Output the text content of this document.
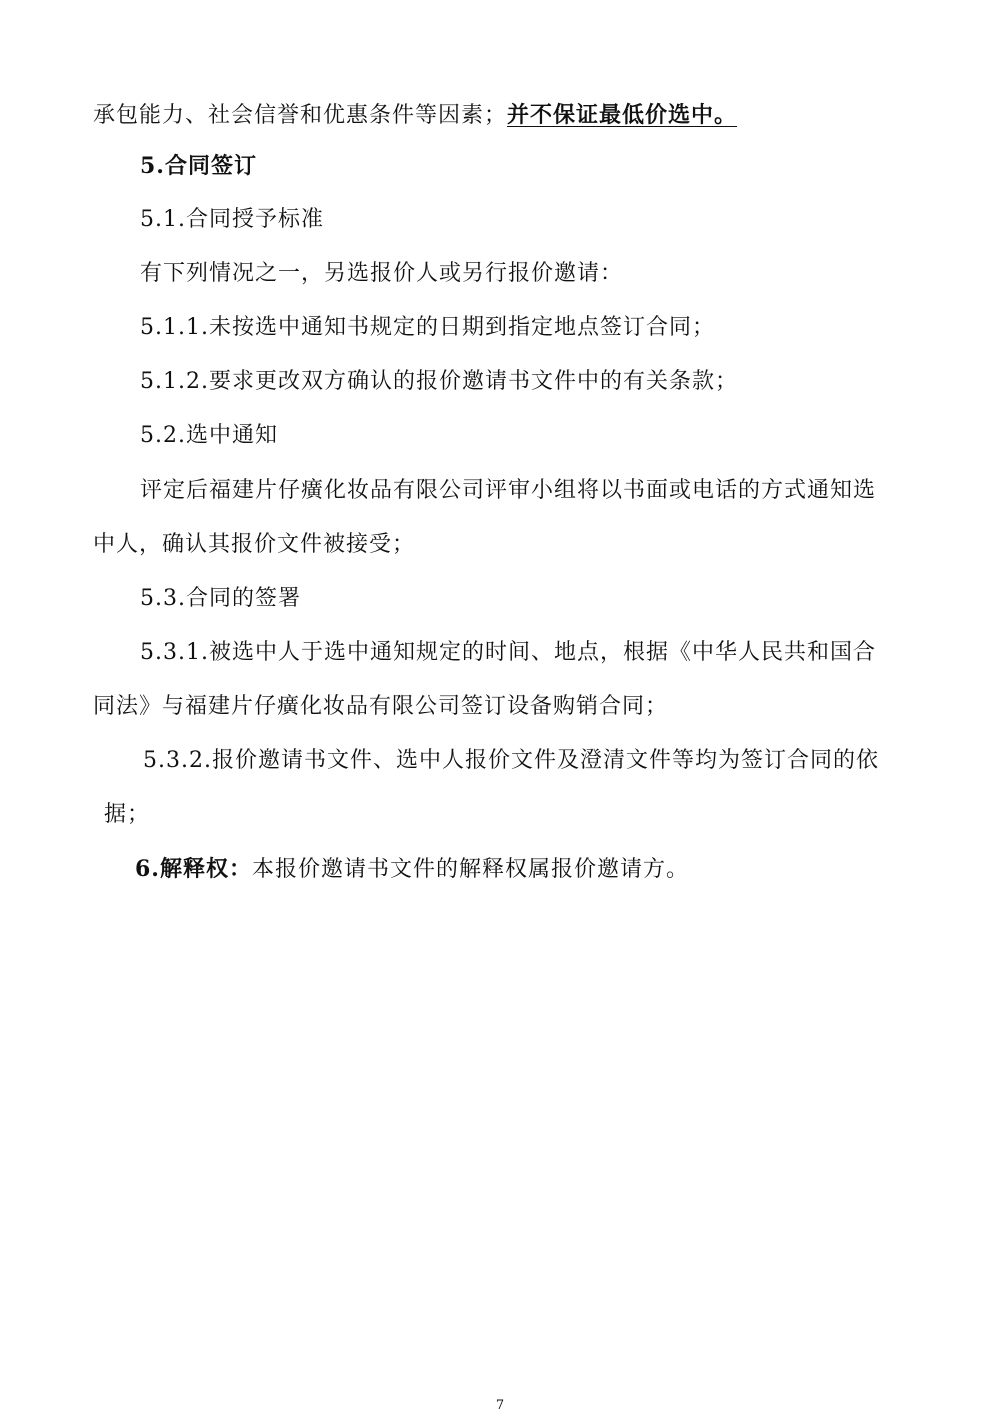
承包能力、社会信誉和优惠条件等因素；并不保证最低价选中。
5.合同签订
5.1.合同授予标准
有下列情况之一，另选报价人或另行报价邀请：
5.1.1.未按选中通知书规定的日期到指定地点签订合同；
5.1.2.要求更改双方确认的报价邀请书文件中的有关条款；
5.2.选中通知
评定后福建片仔癀化妆品有限公司评审小组将以书面或电话的方式通知选
中人，确认其报价文件被接受；
5.3.合同的签署
5.3.1.被选中人于选中通知规定的时间、地点，根据《中华人民共和国合
同法》与福建片仔癀化妆品有限公司签订设备购销合同；
5.3.2.报价邀请书文件、选中人报价文件及澄清文件等均为签订合同的依
据；
6.解释权：本报价邀请书文件的解释权属报价邀请方。
7
